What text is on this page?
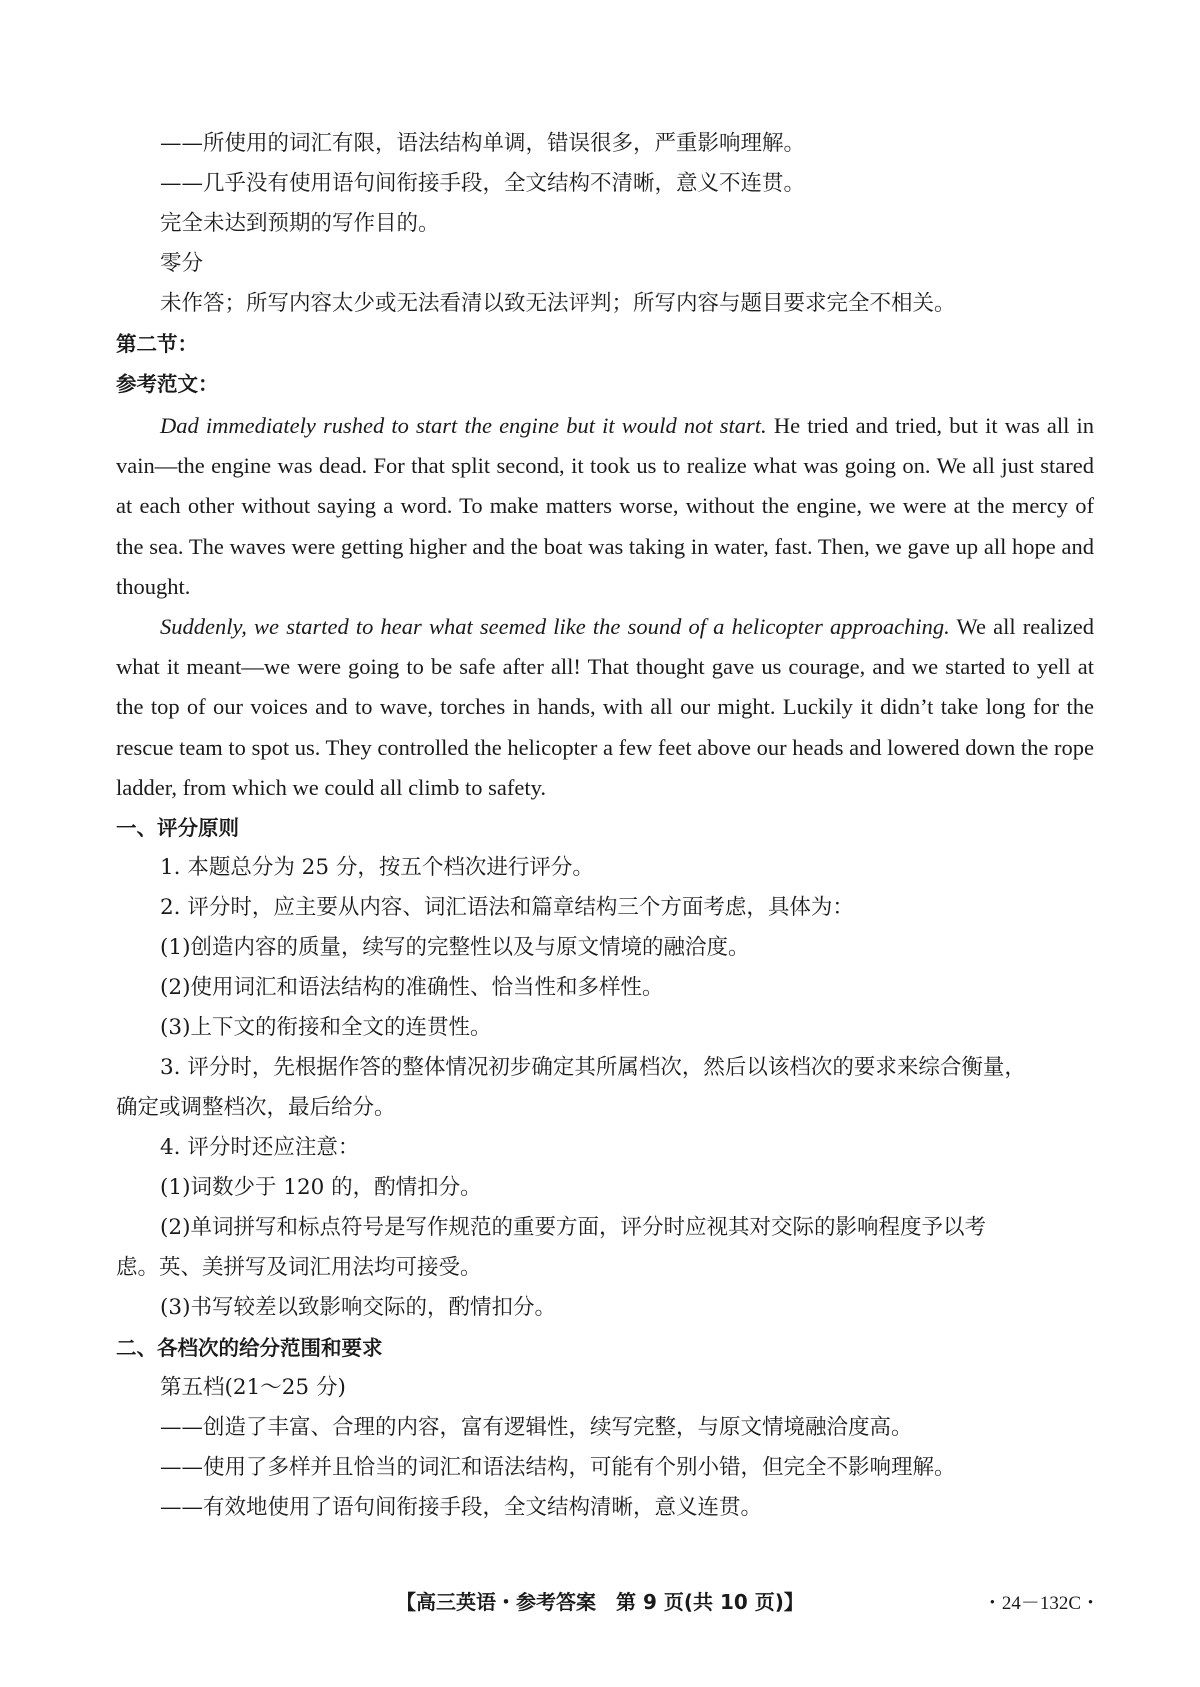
——所使用的词汇有限，语法结构单调，错误很多，严重影响理解。
——几乎没有使用语句间衔接手段，全文结构不清晰，意义不连贯。
完全未达到预期的写作目的。
零分
未作答；所写内容太少或无法看清以致无法评判；所写内容与题目要求完全不相关。
第二节：
参考范文：

Dad immediately rushed to start the engine but it would not start. He tried and tried, but it was all in vain—the engine was dead. For that split second, it took us to realize what was going on. We all just stared at each other without saying a word. To make matters worse, without the engine, we were at the mercy of the sea. The waves were getting higher and the boat was taking in water, fast. Then, we gave up all hope and thought.

Suddenly, we started to hear what seemed like the sound of a helicopter approaching. We all realized what it meant—we were going to be safe after all! That thought gave us courage, and we started to yell at the top of our voices and to wave, torches in hands, with all our might. Luckily it didn’t take long for the rescue team to spot us. They controlled the helicopter a few feet above our heads and lowered down the rope ladder, from which we could all climb to safety.

一、评分原则
1. 本题总分为 25 分，按五个档次进行评分。
2. 评分时，应主要从内容、词汇语法和篇章结构三个方面考虑，具体为：
(1)创造内容的质量，续写的完整性以及与原文情境的融洽度。
(2)使用词汇和语法结构的准确性、恰当性和多样性。
(3)上下文的衔接和全文的连贯性。
3. 评分时，先根据作答的整体情况初步确定其所属档次，然后以该档次的要求来综合衡量，
确定或调整档次，最后给分。
4. 评分时还应注意：
(1)词数少于 120 的，酌情扣分。
(2)单词拼写和标点符号是写作规范的重要方面，评分时应视其对交际的影响程度予以考
虑。英、美拼写及词汇用法均可接受。
(3)书写较差以致影响交际的，酌情扣分。
二、各档次的给分范围和要求
第五档(21～25 分)
——创造了丰富、合理的内容，富有逻辑性，续写完整，与原文情境融洽度高。
——使用了多样并且恰当的词汇和语法结构，可能有个别小错，但完全不影响理解。
——有效地使用了语句间衔接手段，全文结构清晰，意义连贯。
【高三英语・参考答案　第 9 页(共 10 页)】	・24－132C・
